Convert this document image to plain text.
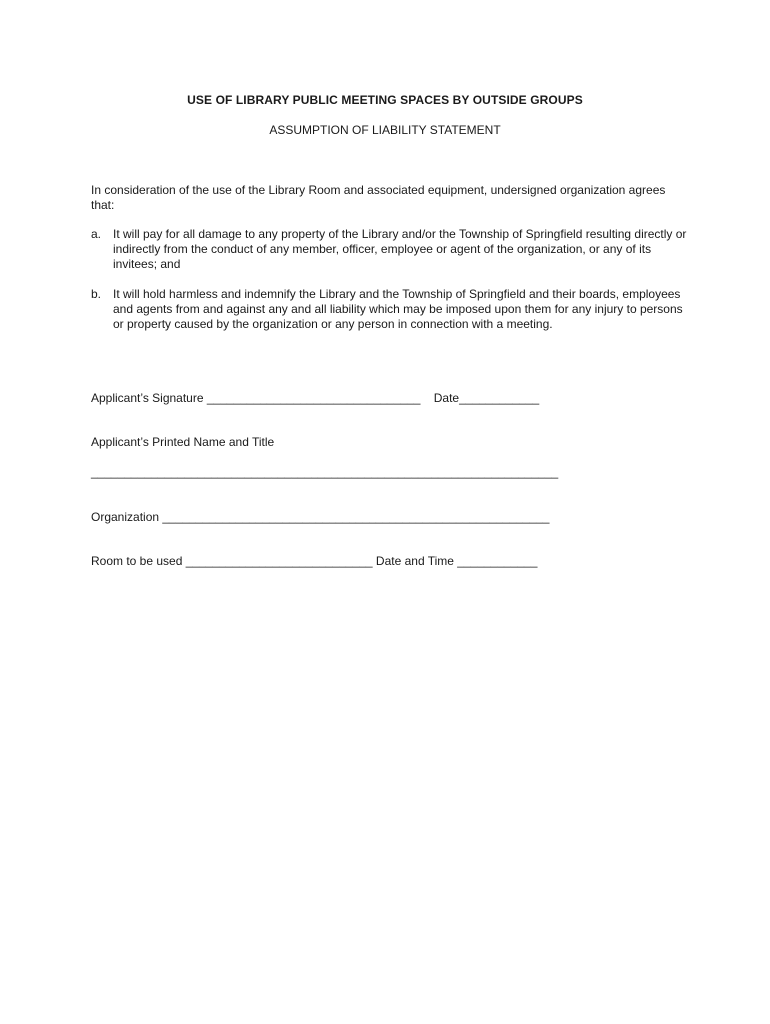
USE OF LIBRARY PUBLIC MEETING SPACES BY OUTSIDE GROUPS
ASSUMPTION OF LIABILITY STATEMENT
In consideration of the use of the Library Room and associated equipment, undersigned organization agrees that:
a. It will pay for all damage to any property of the Library and/or the Township of Springfield resulting directly or indirectly from the conduct of any member, officer, employee or agent of the organization, or any of its invitees; and
b. It will hold harmless and indemnify the Library and the Township of Springfield and their boards, employees and agents from and against any and all liability which may be imposed upon them for any injury to persons or property caused by the organization or any person in connection with a meeting.
Applicant’s Signature ________________________________    Date____________
Applicant’s Printed Name and Title
______________________________________________________________________
Organization __________________________________________________________
Room to be used ____________________________ Date and Time ____________
